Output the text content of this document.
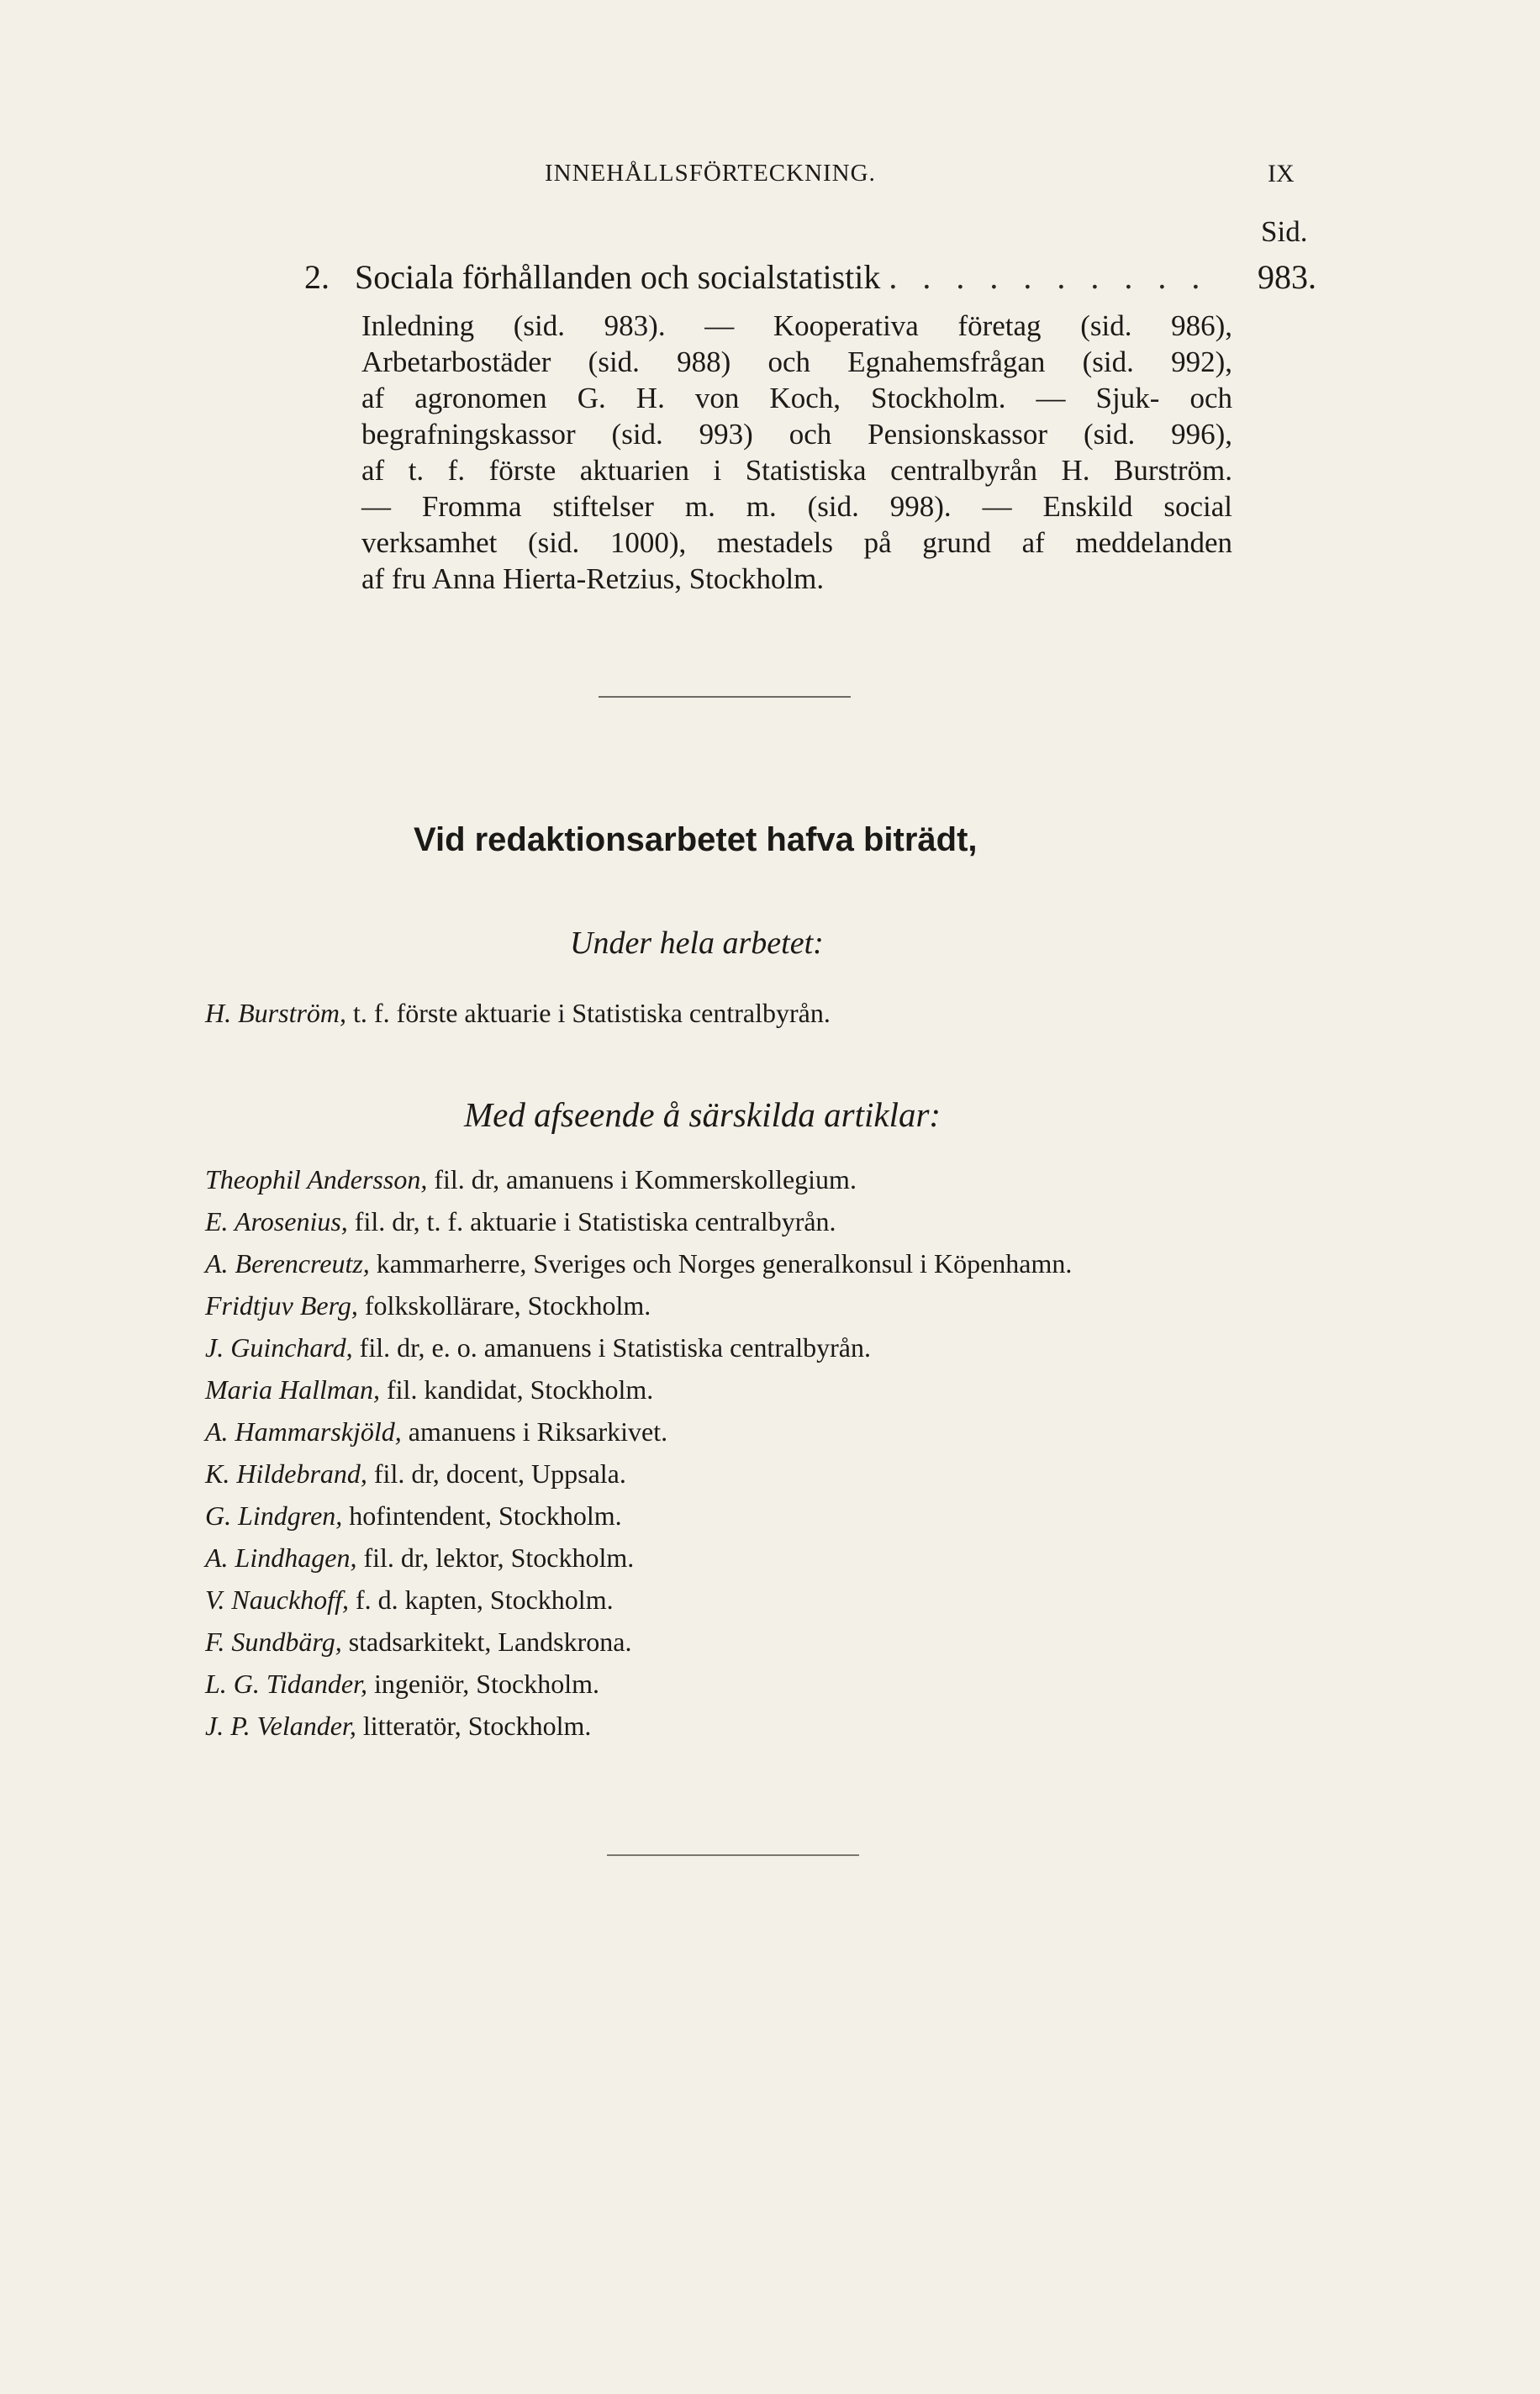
INNEHÅLLSFÖRTECKNING.	IX
Sid.
2. Sociala förhållanden och socialstatistik . . . . . . . . . .	983.
Inledning (sid. 983). — Kooperativa företag (sid. 986),
Arbetarbostäder (sid. 988) och Egnahemsfrågan (sid. 992),
af agronomen G. H. von Koch, Stockholm. — Sjuk- och
begrafningskassor (sid. 993) och Pensionskassor (sid. 996),
af t. f. förste aktuarien i Statistiska centralbyrån H. Burström.
— Fromma stiftelser m. m. (sid. 998). — Enskild social
verksamhet (sid. 1000), mestadels på grund af meddelanden
af fru Anna Hierta-Retzius, Stockholm.
Vid redaktionsarbetet hafva biträdt,
Under hela arbetet:
H. Burström, t. f. förste aktuarie i Statistiska centralbyrån.
Med afseende å särskilda artiklar:
Theophil Andersson, fil. dr, amanuens i Kommerskollegium.
E. Arosenius, fil. dr, t. f. aktuarie i Statistiska centralbyrån.
A. Berencreutz, kammarherre, Sveriges och Norges generalkonsul i Köpenhamn.
Fridtjuv Berg, folkskollärare, Stockholm.
J. Guinchard, fil. dr, e. o. amanuens i Statistiska centralbyrån.
Maria Hallman, fil. kandidat, Stockholm.
A. Hammarskjöld, amanuens i Riksarkivet.
K. Hildebrand, fil. dr, docent, Uppsala.
G. Lindgren, hofintendent, Stockholm.
A. Lindhagen, fil. dr, lektor, Stockholm.
V. Nauckhoff, f. d. kapten, Stockholm.
F. Sundbärg, stadsarkitekt, Landskrona.
L. G. Tidander, ingeniör, Stockholm.
J. P. Velander, litteratör, Stockholm.
